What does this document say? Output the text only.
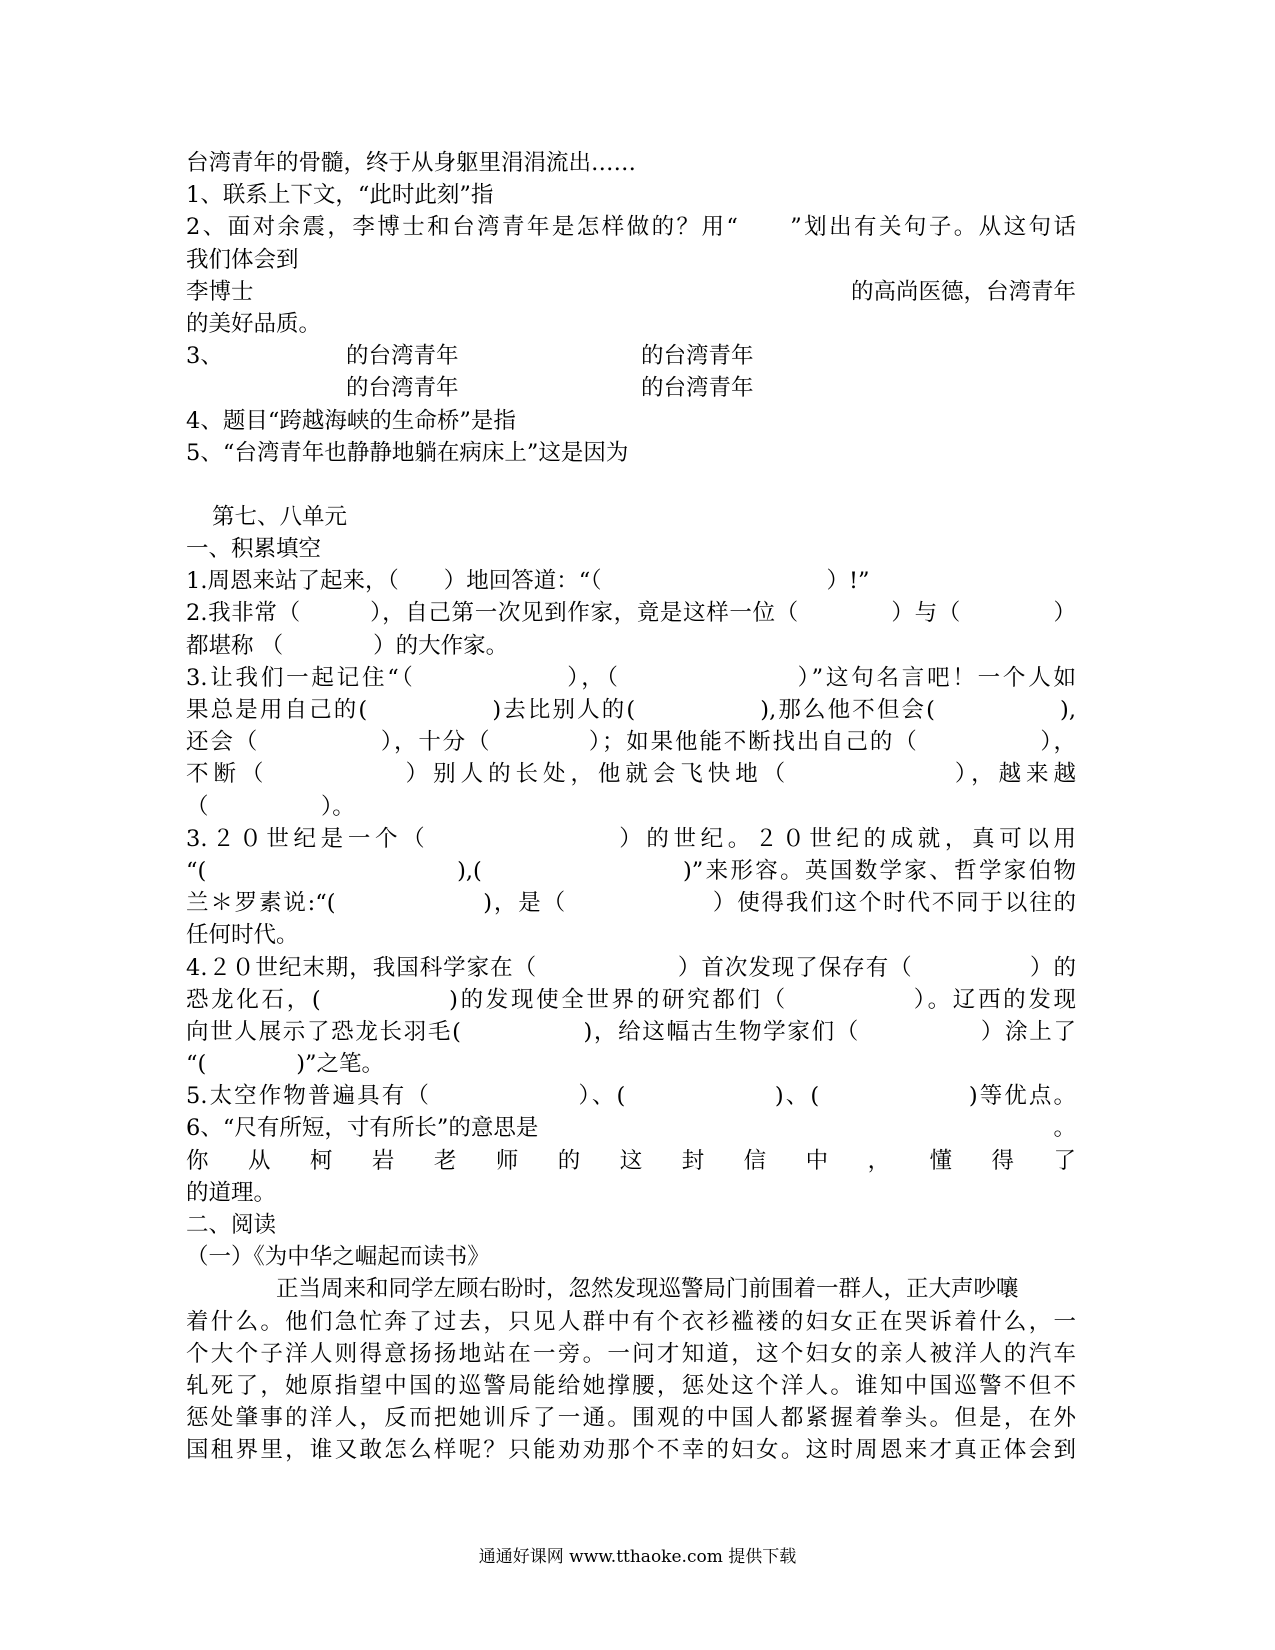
台湾青年的骨髓，终于从身躯里涓涓流出……
1、联系上下文，“此时此刻”指
2、面对余震，李博士和台湾青年是怎样做的？用“　　”划出有关句子。从这句话
我们体会到
李博士	的高尚医德，台湾青年
的美好品质。
3、	的台湾青年	的台湾青年
的台湾青年	的台湾青年
4、题目“跨越海峡的生命桥”是指
5、“台湾青年也静静地躺在病床上”这是因为
第七、八单元
一、积累填空
1.周恩来站了起来，（　　）地回答道：“（　　　　　　　　　　）!”
2.我非常（　　　），自己第一次见到作家，竟是这样一位（　　　　）与（　　　　）
都堪称 （　　　　）的大作家。
3.让我们一起记住“（　　　　　　），（　　　　　　　）”这句名言吧！一个人如
果总是用自己的(　　　　　)去比别人的(　　　　　),那么他不但会(　　　　　),
还会（　　　　　），十分（　　　　）；如果他能不断找出自己的（　　　　　），
不断（　　　　　）别人的长处，他就会飞快地（　　　　　　），越来越
（　　　　　）。
3.２０世纪是一个（　　　　　　　）的世纪。２０世纪的成就，真可以用
“(　　　　　　　　　　),(　　　　　　　　)”来形容。英国数学家、哲学家伯物
兰＊罗素说:“(　　　　　　)，是（　　　　　　）使得我们这个时代不同于以往的
任何时代。
4.２０世纪末期，我国科学家在（　　　　　　）首次发现了保存有（　　　　　）的
恐龙化石，(　　　　　)的发现使全世界的研究都们（　　　　　）。辽西的发现
向世人展示了恐龙长羽毛(　　　　　)，给这幅古生物学家们（　　　　　）涂上了
“(　　　　)”之笔。
5.太空作物普遍具有（　　　　　　）、(　　　　　　)、(　　　　　　)等优点。
6、“尺有所短，寸有所长”的意思是	。
你 从 柯 岩 老 师 的 这 封 信 中 ， 懂 得 了
的道理。
二、阅读
（一）《为中华之崛起而读书》
正当周来和同学左顾右盼时，忽然发现巡警局门前围着一群人，正大声吵嚷
着什么。他们急忙奔了过去，只见人群中有个衣衫褴褛的妇女正在哭诉着什么，一
个大个子洋人则得意扬扬地站在一旁。一问才知道，这个妇女的亲人被洋人的汽车
轧死了，她原指望中国的巡警局能给她撑腰，惩处这个洋人。谁知中国巡警不但不
惩处肇事的洋人，反而把她训斥了一通。围观的中国人都紧握着拳头。但是，在外
国租界里，谁又敢怎么样呢？只能劝劝那个不幸的妇女。这时周恩来才真正体会到
通通好课网 www.tthaoke.com 提供下载
